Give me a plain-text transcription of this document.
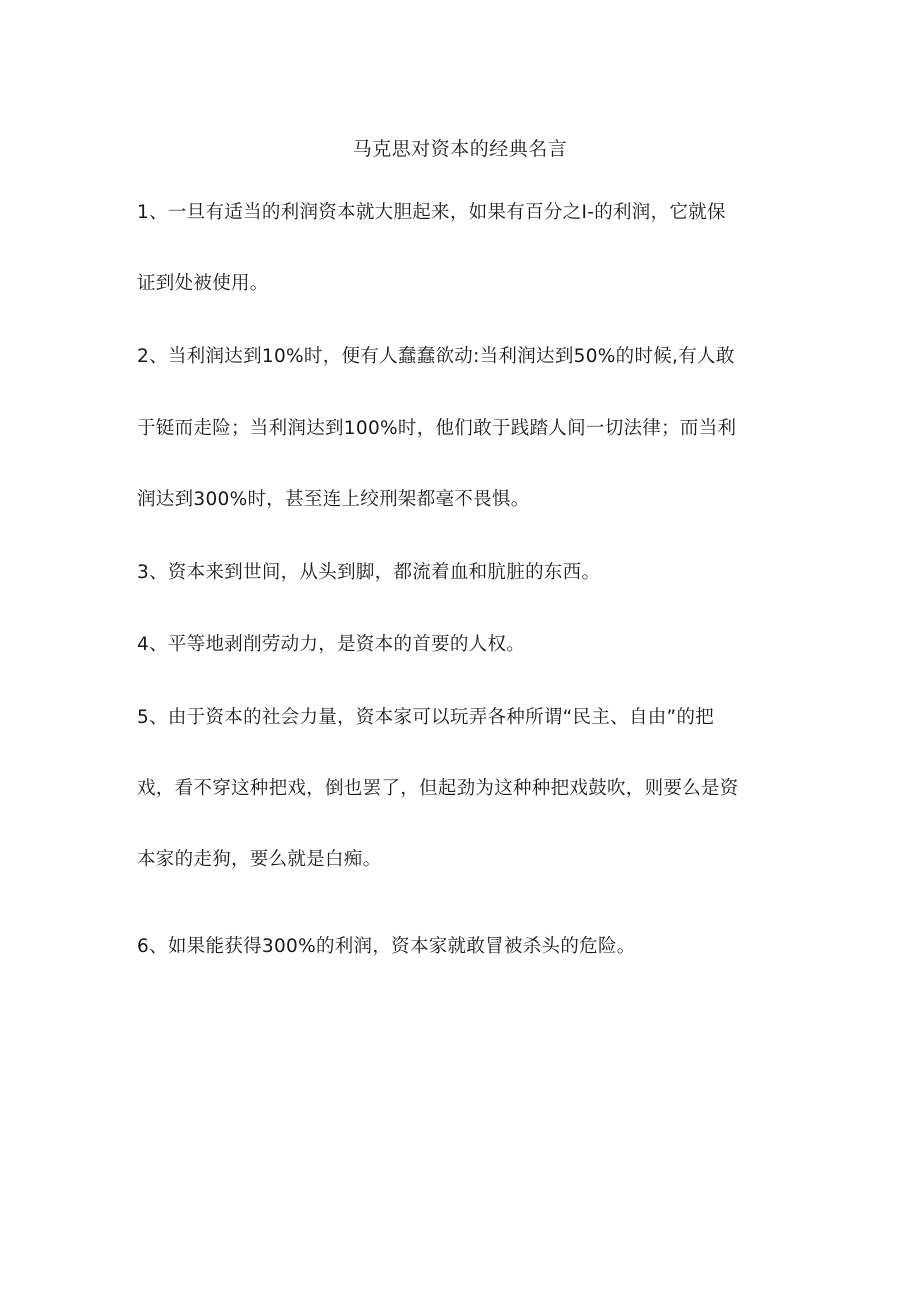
马克思对资本的经典名言

1、一旦有适当的利润资本就大胆起来，如果有百分之I-的利润，它就保

证到处被使用。

2、当利润达到10%时，便有人蠢蠢欲动:当利润达到50%的时候,有人敢

于铤而走险；当利润达到100%时，他们敢于践踏人间一切法律；而当利

润达到300%时，甚至连上绞刑架都毫不畏惧。

3、资本来到世间，从头到脚，都流着血和肮脏的东西。

4、平等地剥削劳动力，是资本的首要的人权。

5、由于资本的社会力量，资本家可以玩弄各种所谓“民主、自由”的把

戏，看不穿这种把戏，倒也罢了，但起劲为这种种把戏鼓吹，则要么是资

本家的走狗，要么就是白痴。

6、如果能获得300%的利润，资本家就敢冒被杀头的危险。
